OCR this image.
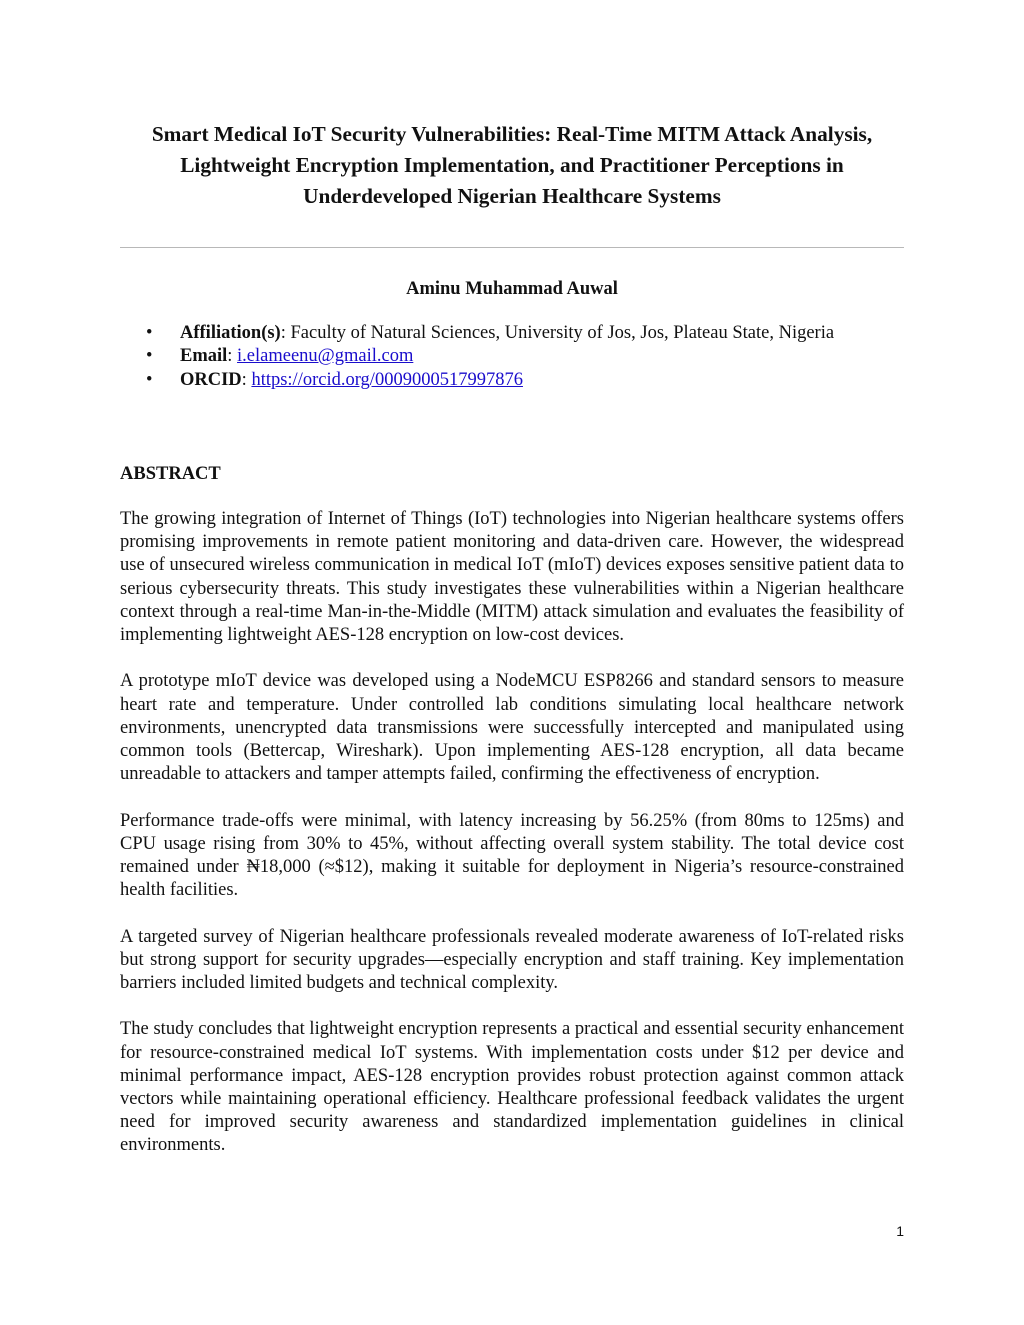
Smart Medical IoT Security Vulnerabilities: Real-Time MITM Attack Analysis, Lightweight Encryption Implementation, and Practitioner Perceptions in Underdeveloped Nigerian Healthcare Systems
Aminu Muhammad Auwal
• Affiliation(s): Faculty of Natural Sciences, University of Jos, Jos, Plateau State, Nigeria
• Email: i.elameenu@gmail.com
• ORCID: https://orcid.org/0009000517997876
ABSTRACT

The growing integration of Internet of Things (IoT) technologies into Nigerian healthcare systems offers promising improvements in remote patient monitoring and data-driven care. However, the widespread use of unsecured wireless communication in medical IoT (mIoT) devices exposes sensitive patient data to serious cybersecurity threats. This study investigates these vulnerabilities within a Nigerian healthcare context through a real-time Man-in-the-Middle (MITM) attack simulation and evaluates the feasibility of implementing lightweight AES-128 encryption on low-cost devices.

A prototype mIoT device was developed using a NodeMCU ESP8266 and standard sensors to measure heart rate and temperature. Under controlled lab conditions simulating local healthcare network environments, unencrypted data transmissions were successfully intercepted and manipulated using common tools (Bettercap, Wireshark). Upon implementing AES-128 encryption, all data became unreadable to attackers and tamper attempts failed, confirming the effectiveness of encryption.

Performance trade-offs were minimal, with latency increasing by 56.25% (from 80ms to 125ms) and CPU usage rising from 30% to 45%, without affecting overall system stability. The total device cost remained under ₦18,000 (≈$12), making it suitable for deployment in Nigeria’s resource-constrained health facilities.

A targeted survey of Nigerian healthcare professionals revealed moderate awareness of IoT-related risks but strong support for security upgrades—especially encryption and staff training. Key implementation barriers included limited budgets and technical complexity.

The study concludes that lightweight encryption represents a practical and essential security enhancement for resource-constrained medical IoT systems. With implementation costs under $12 per device and minimal performance impact, AES-128 encryption provides robust protection against common attack vectors while maintaining operational efficiency. Healthcare professional feedback validates the urgent need for improved security awareness and standardized implementation guidelines in clinical environments.

1
